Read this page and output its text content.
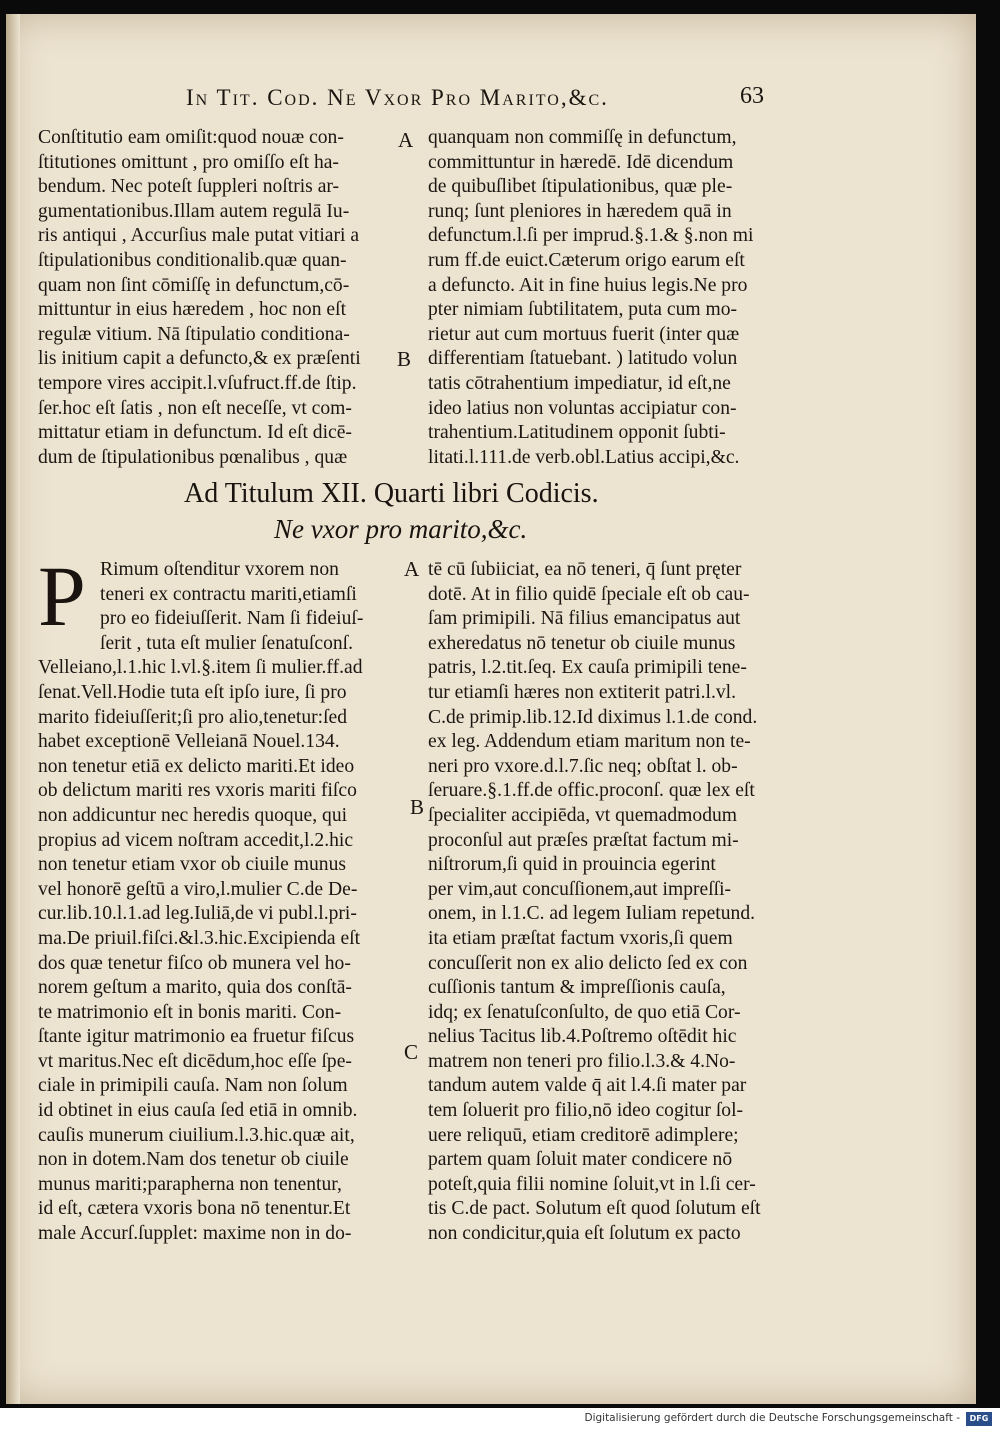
In Tit. Cod. Ne Vxor Pro Marito,&c.	63
Conſtitutio eam omiſit:quod nouæ con-
ſtitutiones omittunt , pro omiſſo eſt ha-
bendum. Nec poteſt ſuppleri noſtris ar-
gumentationibus.Illam autem regulā Iu-
ris antiqui , Accurſius male putat vitiari a
ſtipulationibus conditionalib.quæ quan-
quam non ſint cōmiſſę in defunctum,cō-
mittuntur in eius hæredem , hoc non eſt
regulæ vitium. Nā ſtipulatio conditiona-
lis initium capit a defuncto,& ex præſenti
tempore vires accipit.l.vſufruct.ff.de ſtip.
ſer.hoc eſt ſatis , non eſt neceſſe, vt com-
mittatur etiam in defunctum. Id eſt dicē-
dum de ſtipulationibus pœnalibus , quæ
quanquam non commiſſę in defunctum,
committuntur in hæredē. Idē dicendum
de quibuſlibet ſtipulationibus, quæ ple-
runq; ſunt pleniores in hæredem quā in
defunctum.l.ſi per imprud.§.1.& §.non mi
rum ff.de euict.Cæterum origo earum eſt
a defuncto. Ait in fine huius legis.Ne pro
pter nimiam ſubtilitatem, puta cum mo-
rietur aut cum mortuus fuerit (inter quæ
differentiam ſtatuebant. ) latitudo volun
tatis cōtrahentium impediatur, id eſt,ne
ideo latius non voluntas accipiatur con-
trahentium.Latitudinem opponit ſubti-
litati.l.111.de verb.obl.Latius accipi,&c.
A
B
Ad Titulum XII. Quarti libri Codicis.
Ne vxor pro marito,&c.
P Rimum oſtenditur vxorem non
teneri ex contractu mariti,etiamſi
pro eo fideiuſſerit. Nam ſi fideiuſ-
ſerit , tuta eſt mulier ſenatuſconſ.
Velleiano,l.1.hic l.vl.§.item ſi mulier.ff.ad
ſenat.Vell.Hodie tuta eſt ipſo iure, ſi pro
marito fideiuſſerit;ſi pro alio,tenetur:ſed
habet exceptionē Velleianā Nouel.134.
non tenetur etiā ex delicto mariti.Et ideo
ob delictum mariti res vxoris mariti fiſco
non addicuntur nec heredis quoque, qui
propius ad vicem noſtram accedit,l.2.hic
non tenetur etiam vxor ob ciuile munus
vel honorē geſtū a viro,l.mulier C.de De-
cur.lib.10.l.1.ad leg.Iuliā,de vi publ.l.pri-
ma.De priuil.fiſci.&l.3.hic.Excipienda eſt
dos quæ tenetur fiſco ob munera vel ho-
norem geſtum a marito, quia dos conſtā-
te matrimonio eſt in bonis mariti. Con-
ſtante igitur matrimonio ea fruetur fiſcus
vt maritus.Nec eſt dicēdum,hoc eſſe ſpe-
ciale in primipili cauſa. Nam non ſolum
id obtinet in eius cauſa ſed etiā in omnib.
cauſis munerum ciuilium.l.3.hic.quæ ait,
non in dotem.Nam dos tenetur ob ciuile
munus mariti;parapherna non tenentur,
id eſt, cætera vxoris bona nō tenentur.Et
male Accurſ.ſupplet: maxime non in do-
tē cū ſubiiciat, ea nō teneri, q̄ ſunt pręter
dotē. At in filio quidē ſpeciale eſt ob cau-
ſam primipili. Nā filius emancipatus aut
exheredatus nō tenetur ob ciuile munus
patris, l.2.tit.ſeq. Ex cauſa primipili tene-
tur etiamſi hæres non extiterit patri.l.vl.
C.de primip.lib.12.Id diximus l.1.de cond.
ex leg. Addendum etiam maritum non te-
neri pro vxore.d.l.7.ſic neq; obſtat l. ob-
ſeruare.§.1.ff.de offic.proconſ. quæ lex eſt
ſpecialiter accipiēda, vt quemadmodum
proconſul aut præſes præſtat factum mi-
niſtrorum,ſi quid in prouincia egerint
per vim,aut concuſſionem,aut impreſſi-
onem, in l.1.C. ad legem Iuliam repetund.
ita etiam præſtat factum vxoris,ſi quem
concuſſerit non ex alio delicto ſed ex con
cuſſionis tantum & impreſſionis cauſa,
idq; ex ſenatuſconſulto, de quo etiā Cor-
nelius Tacitus lib.4.Poſtremo oſtēdit hic
matrem non teneri pro filio.l.3.& 4.No-
tandum autem valde q̄ ait l.4.ſi mater par
tem ſoluerit pro filio,nō ideo cogitur ſol-
uere reliquū, etiam creditorē adimplere;
partem quam ſoluit mater condicere nō
poteſt,quia filii nomine ſoluit,vt in l.ſi cer-
tis C.de pact. Solutum eſt quod ſolutum eſt
non condicitur,quia eſt ſolutum ex pacto
A
B
C
Digitalisierung gefördert durch die Deutsche Forschungsgemeinschaft -	DFG
